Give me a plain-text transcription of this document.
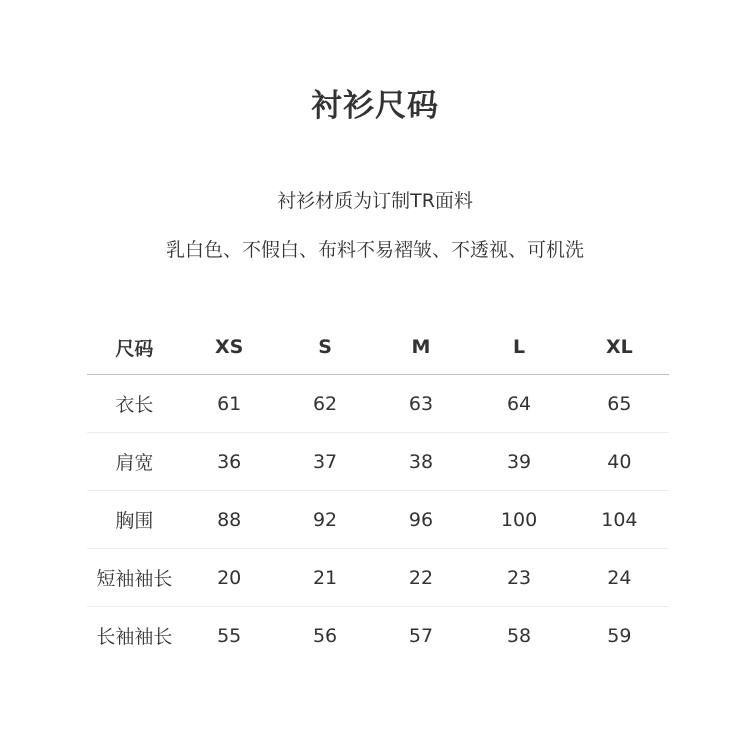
衬衫尺码
衬衫材质为订制TR面料
乳白色、不假白、布料不易褶皱、不透视、可机洗
尺码	XS	S	M	L	XL
衣长	61	62	63	64	65
肩宽	36	37	38	39	40
胸围	88	92	96	100	104
短袖袖长	20	21	22	23	24
长袖袖长	55	56	57	58	59
